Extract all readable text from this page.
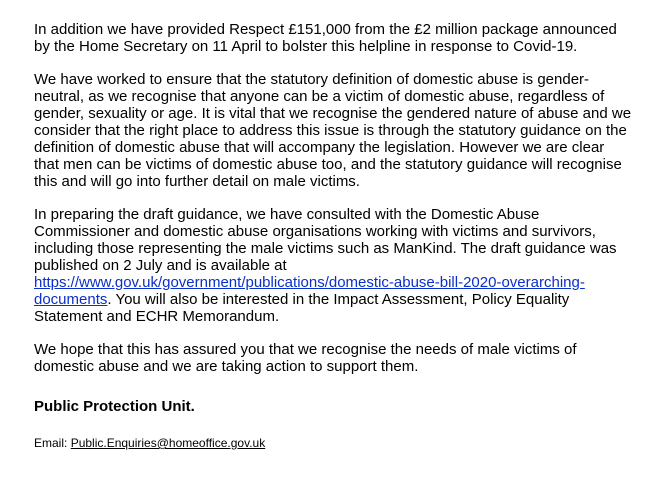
In addition we have provided Respect £151,000 from the £2 million package announced
by the Home Secretary on 11 April to bolster this helpline in response to Covid-19.

We have worked to ensure that the statutory definition of domestic abuse is gender-
neutral, as we recognise that anyone can be a victim of domestic abuse, regardless of
gender, sexuality or age. It is vital that we recognise the gendered nature of abuse and we
consider that the right place to address this issue is through the statutory guidance on the
definition of domestic abuse that will accompany the legislation. However we are clear
that men can be victims of domestic abuse too, and the statutory guidance will recognise
this and will go into further detail on male victims.

In preparing the draft guidance, we have consulted with the Domestic Abuse
Commissioner and domestic abuse organisations working with victims and survivors,
including those representing the male victims such as ManKind. The draft guidance was
published on 2 July and is available at
https://www.gov.uk/government/publications/domestic-abuse-bill-2020-overarching-
documents. You will also be interested in the Impact Assessment, Policy Equality
Statement and ECHR Memorandum.

We hope that this has assured you that we recognise the needs of male victims of
domestic abuse and we are taking action to support them.

Public Protection Unit.
Email: Public.Enquiries@homeoffice.gov.uk
